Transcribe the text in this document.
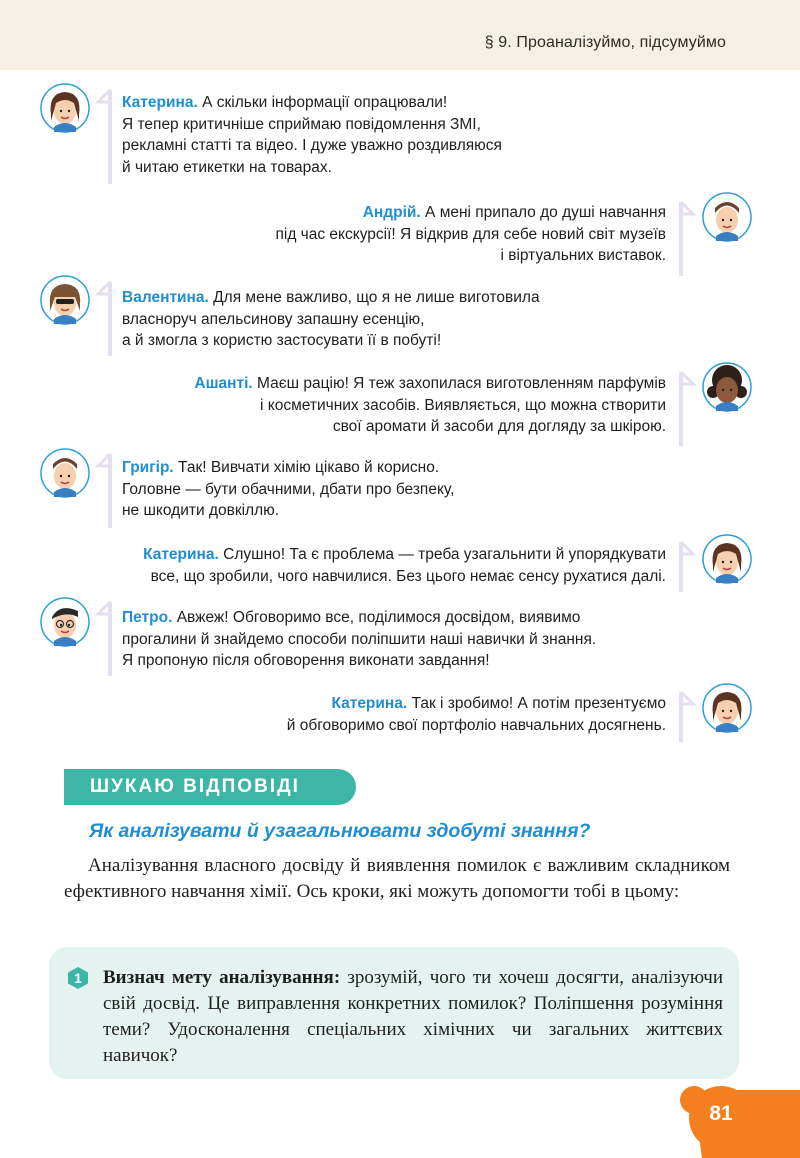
§ 9. Проаналізуймо, підсумуймо
Катерина. А скільки інформації опрацювали!
Я тепер критичніше сприймаю повідомлення ЗМІ,
рекламні статті та відео. І дуже уважно роздивляюся
й читаю етикетки на товарах.
Андрій. А мені припало до душі навчання
під час екскурсії! Я відкрив для себе новий світ музеїв
і віртуальних виставок.
Валентина. Для мене важливо, що я не лише виготовила
власноруч апельсинову запашну есенцію,
а й змогла з користю застосувати її в побуті!
Ашанті. Маєш рацію! Я теж захопилася виготовленням парфумів
і косметичних засобів. Виявляється, що можна створити
свої аромати й засоби для догляду за шкірою.
Григір. Так! Вивчати хімію цікаво й корисно.
Головне — бути обачними, дбати про безпеку,
не шкодити довкіллю.
Катерина. Слушно! Та є проблема — треба узагальнити й упорядкувати
все, що зробили, чого навчилися. Без цього немає сенсу рухатися далі.
Петро. Авжеж! Обговоримо все, поділимося досвідом, виявимо
прогалини й знайдемо способи поліпшити наші навички й знання.
Я пропоную після обговорення виконати завдання!
Катерина. Так і зробимо! А потім презентуємо
й обговоримо свої портфоліо навчальних досягнень.
ШУКАЮ ВІДПОВІДІ
Як аналізувати й узагальнювати здобуті знання?
Аналізування власного досвіду й виявлення помилок є важливим складником ефективного навчання хімії. Ось кроки, які можуть допомогти тобі в цьому:
1 Визнач мету аналізування: зрозумій, чого ти хочеш досягти, аналізуючи свій досвід. Це виправлення конкретних помилок? Поліпшення розуміння теми? Удосконалення спеціальних хімічних чи загальних життєвих навичок?
81
